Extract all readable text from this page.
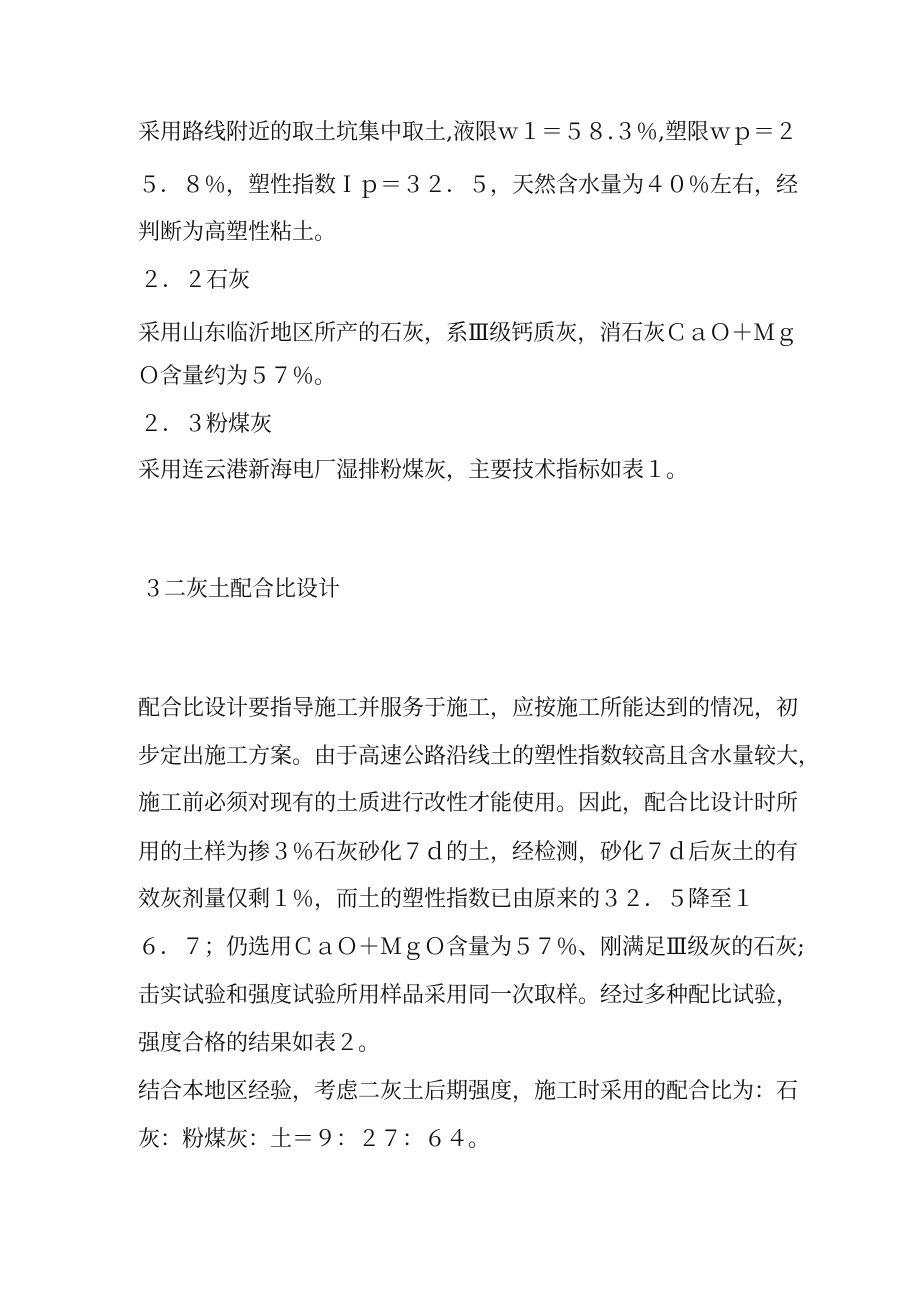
采用路线附近的取土坑集中取土,液限ｗ１＝５８.３％,塑限ｗｐ＝２
５．８％，塑性指数Ｉｐ＝３２．５，天然含水量为４０％左右，经
判断为高塑性粘土。
２．２石灰
采用山东临沂地区所产的石灰，系Ⅲ级钙质灰，消石灰ＣａＯ＋Ｍｇ
Ｏ含量约为５７％。
２．３粉煤灰
采用连云港新海电厂湿排粉煤灰，主要技术指标如表１。
３二灰土配合比设计
配合比设计要指导施工并服务于施工，应按施工所能达到的情况，初
步定出施工方案。由于高速公路沿线土的塑性指数较高且含水量较大，
施工前必须对现有的土质进行改性才能使用。因此，配合比设计时所
用的土样为掺３％石灰砂化７ｄ的土，经检测，砂化７ｄ后灰土的有
效灰剂量仅剩１％，而土的塑性指数已由原来的３２．５降至１
６．７；仍选用ＣａＯ＋ＭｇＯ含量为５７％、刚满足Ⅲ级灰的石灰;
击实试验和强度试验所用样品采用同一次取样。经过多种配比试验，
强度合格的结果如表２。
结合本地区经验，考虑二灰土后期强度，施工时采用的配合比为：石
灰：粉煤灰：土＝９：２７：６４。
